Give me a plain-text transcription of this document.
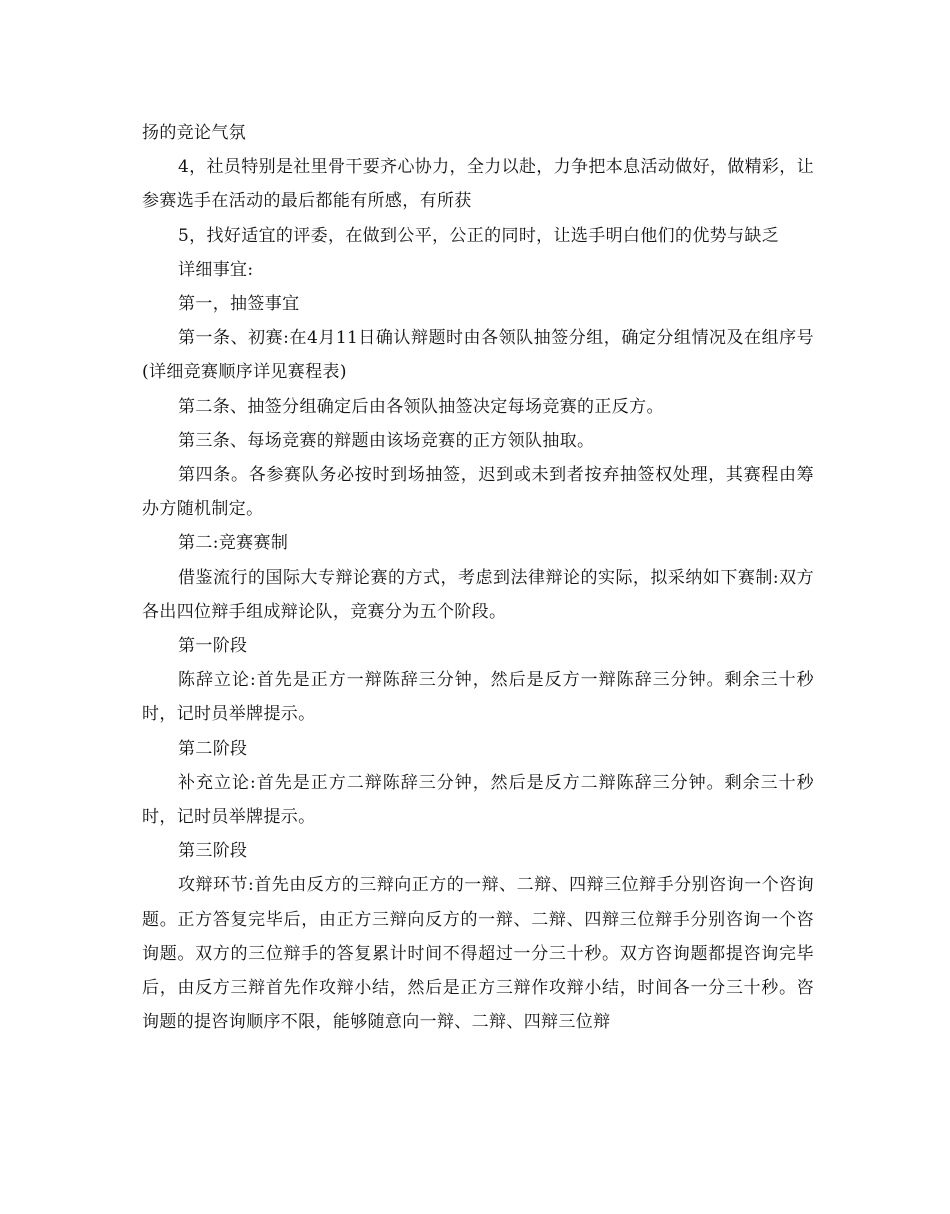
扬的竞论气氛

4，社员特别是社里骨干要齐心协力，全力以赴，力争把本息活动做好，做精彩，让参赛选手在活动的最后都能有所感，有所获

5，找好适宜的评委，在做到公平，公正的同时，让选手明白他们的优势与缺乏

详细事宜:

第一，抽签事宜

第一条、初赛:在4月11日确认辩题时由各领队抽签分组，确定分组情况及在组序号(详细竞赛顺序详见赛程表)

第二条、抽签分组确定后由各领队抽签决定每场竞赛的正反方。

第三条、每场竞赛的辩题由该场竞赛的正方领队抽取。

第四条。各参赛队务必按时到场抽签，迟到或未到者按弃抽签权处理，其赛程由筹办方随机制定。

第二:竞赛赛制

借鉴流行的国际大专辩论赛的方式，考虑到法律辩论的实际，拟采纳如下赛制:双方各出四位辩手组成辩论队，竞赛分为五个阶段。

第一阶段

陈辞立论:首先是正方一辩陈辞三分钟，然后是反方一辩陈辞三分钟。剩余三十秒时，记时员举牌提示。

第二阶段

补充立论:首先是正方二辩陈辞三分钟，然后是反方二辩陈辞三分钟。剩余三十秒时，记时员举牌提示。

第三阶段

攻辩环节:首先由反方的三辩向正方的一辩、二辩、四辩三位辩手分别咨询一个咨询题。正方答复完毕后，由正方三辩向反方的一辩、二辩、四辩三位辩手分别咨询一个咨询题。双方的三位辩手的答复累计时间不得超过一分三十秒。双方咨询题都提咨询完毕后，由反方三辩首先作攻辩小结，然后是正方三辩作攻辩小结，时间各一分三十秒。咨询题的提咨询顺序不限，能够随意向一辩、二辩、四辩三位辩
